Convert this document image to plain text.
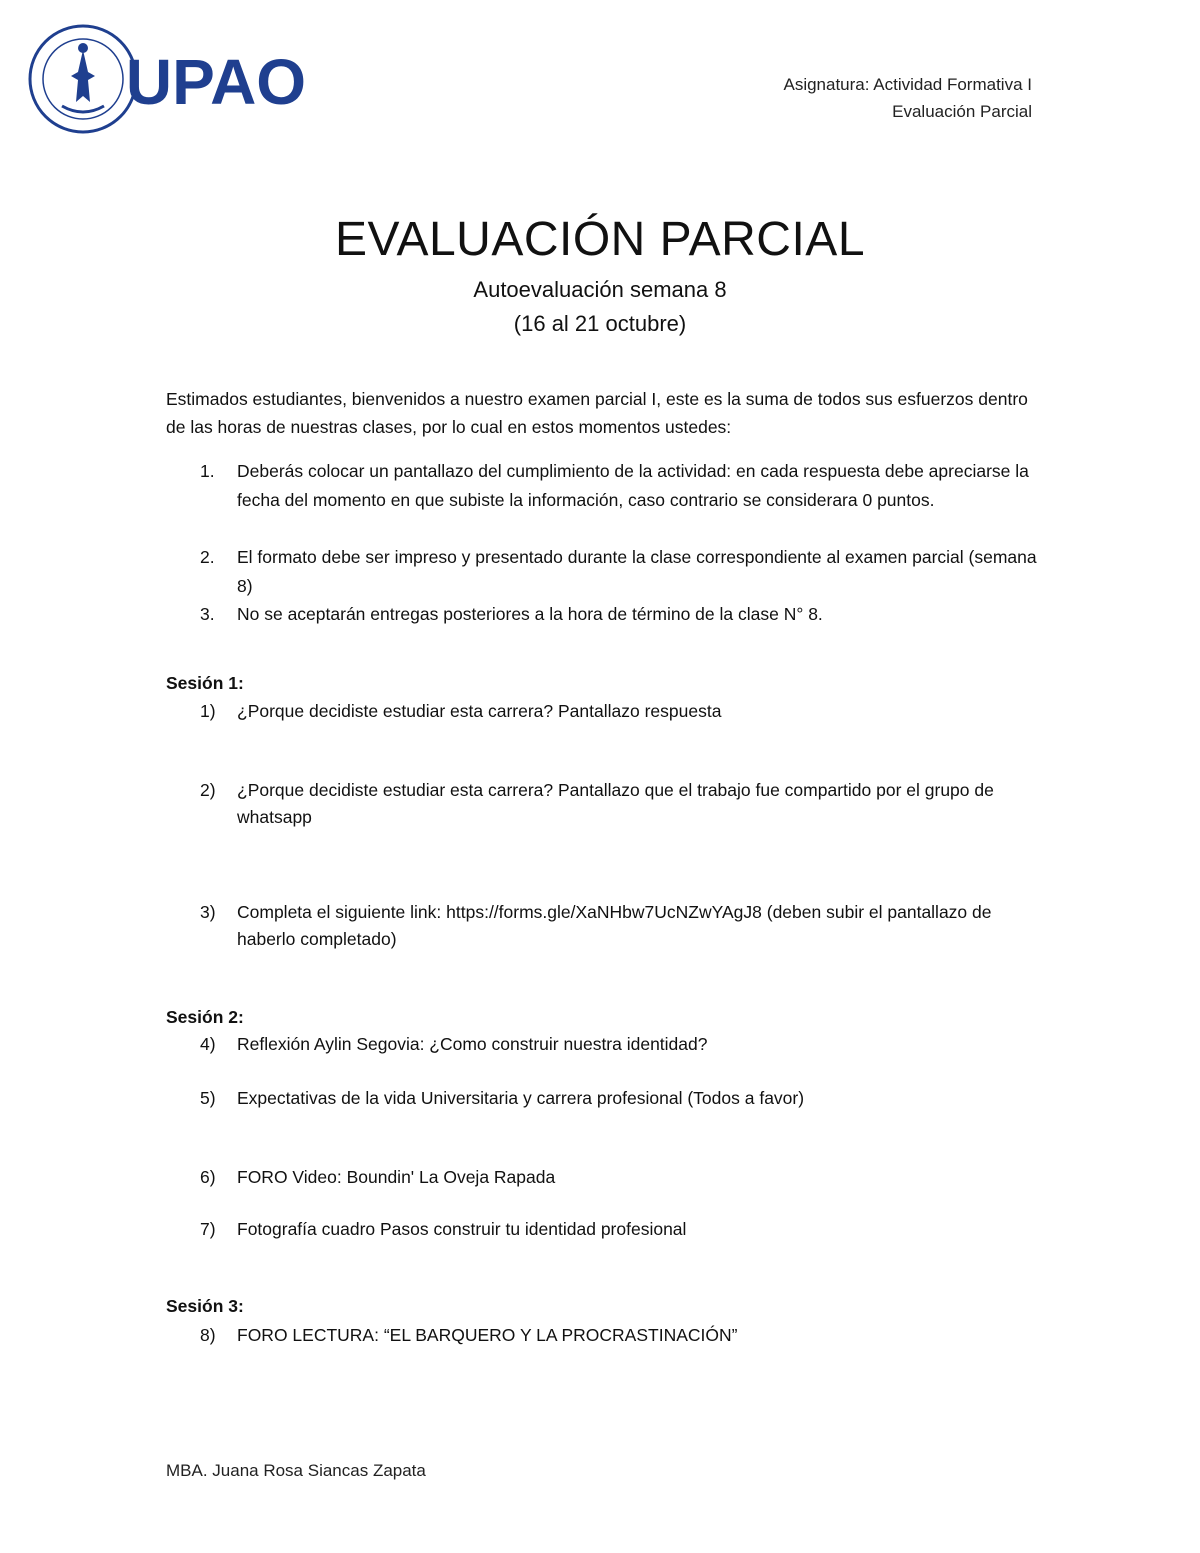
UPAO	Asignatura: Actividad Formativa I
Evaluación Parcial
EVALUACIÓN PARCIAL
Autoevaluación semana 8
(16 al 21 octubre)
Estimados estudiantes, bienvenidos a nuestro examen parcial I, este es la suma de todos sus esfuerzos dentro de las horas de nuestras clases, por lo cual en estos momentos ustedes:
1.	Deberás colocar un pantallazo del cumplimiento de la actividad: en cada respuesta debe apreciarse la fecha del momento en que subiste la información, caso contrario se considerara 0 puntos.
2.	El formato debe ser impreso y presentado durante la clase correspondiente al examen parcial (semana 8)
3.	No se aceptarán entregas posteriores a la hora de término de la clase N° 8.
Sesión 1:
1)	¿Porque decidiste estudiar esta carrera? Pantallazo respuesta
2)	¿Porque decidiste estudiar esta carrera? Pantallazo que el trabajo fue compartido por el grupo de whatsapp
3)	Completa el siguiente link: https://forms.gle/XaNHbw7UcNZwYAgJ8 (deben subir el pantallazo de haberlo completado)
Sesión 2:
4)	Reflexión Aylin Segovia: ¿Como construir nuestra identidad?
5)	Expectativas de la vida Universitaria y carrera profesional (Todos a favor)
6)	FORO Video: Boundin' La Oveja Rapada
7)	Fotografía cuadro Pasos construir tu identidad profesional
Sesión 3:
8)	FORO LECTURA: “EL BARQUERO Y LA PROCRASTINACIÓN”
MBA. Juana Rosa Siancas Zapata
